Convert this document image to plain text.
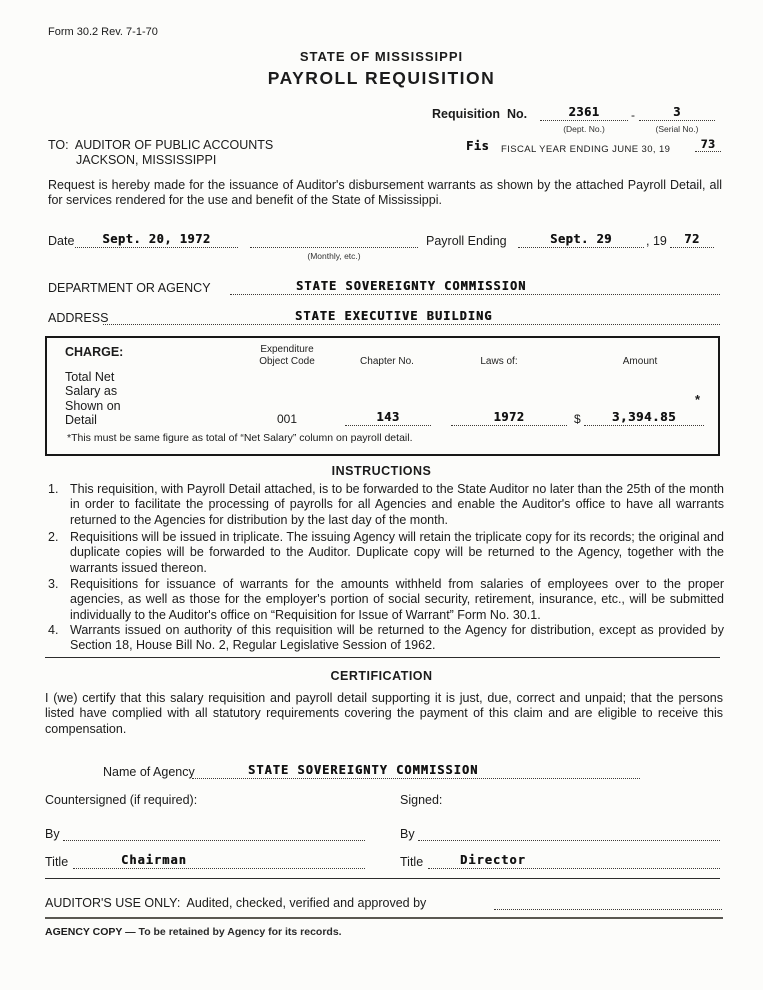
Form 30.2 Rev. 7-1-70
STATE OF MISSISSIPPI
PAYROLL REQUISITION
Requisition  No.	2361	-	3
(Dept. No.)	(Serial No.)
TO:  AUDITOR OF PUBLIC ACCOUNTS
JACKSON, MISSISSIPPI
Fis FISCAL YEAR ENDING JUNE 30, 19	73
Request is hereby made for the issuance of Auditor's disbursement warrants as shown by the attached Payroll Detail, all for services rendered for the use and benefit of the State of Mississippi.
Date	Sept. 20, 1972
(Monthly, etc.)
Payroll Ending	Sept. 29	, 19	72
DEPARTMENT OR AGENCY	STATE SOVEREIGNTY COMMISSION
ADDRESS	STATE EXECUTIVE BUILDING
CHARGE:	Expenditure Object Code	Chapter No.	Laws of:	Amount
Total Net
Salary as
Shown on
Detail	001	143	1972	$	3,394.85
*
*This must be same figure as total of “Net Salary” column on payroll detail.
INSTRUCTIONS
1. This requisition, with Payroll Detail attached, is to be forwarded to the State Auditor no later than the 25th of the month in order to facilitate the processing of payrolls for all Agencies and enable the Auditor's office to have all warrants returned to the Agencies for distribution by the last day of the month.
2. Requisitions will be issued in triplicate. The issuing Agency will retain the triplicate copy for its records; the original and duplicate copies will be forwarded to the Auditor. Duplicate copy will be returned to the Agency, together with the warrants issued thereon.
3. Requisitions for issuance of warrants for the amounts withheld from salaries of employees over to the proper agencies, as well as those for the employer's portion of social security, retirement, insurance, etc., will be submitted individually to the Auditor's office on “Requisition for Issue of Warrant” Form No. 30.1.
4. Warrants issued on authority of this requisition will be returned to the Agency for distribution, except as provided by Section 18, House Bill No. 2, Regular Legislative Session of 1962.
CERTIFICATION
I (we) certify that this salary requisition and payroll detail supporting it is just, due, correct and unpaid; that the persons listed have complied with all statutory requirements covering the payment of this claim and are eligible to receive this compensation.
Name of Agency	STATE SOVEREIGNTY COMMISSION
Countersigned (if required):	Signed:
By	By
Title	Chairman	Title	Director
AUDITOR'S USE ONLY:  Audited, checked, verified and approved by
AGENCY COPY — To be retained by Agency for its records.
